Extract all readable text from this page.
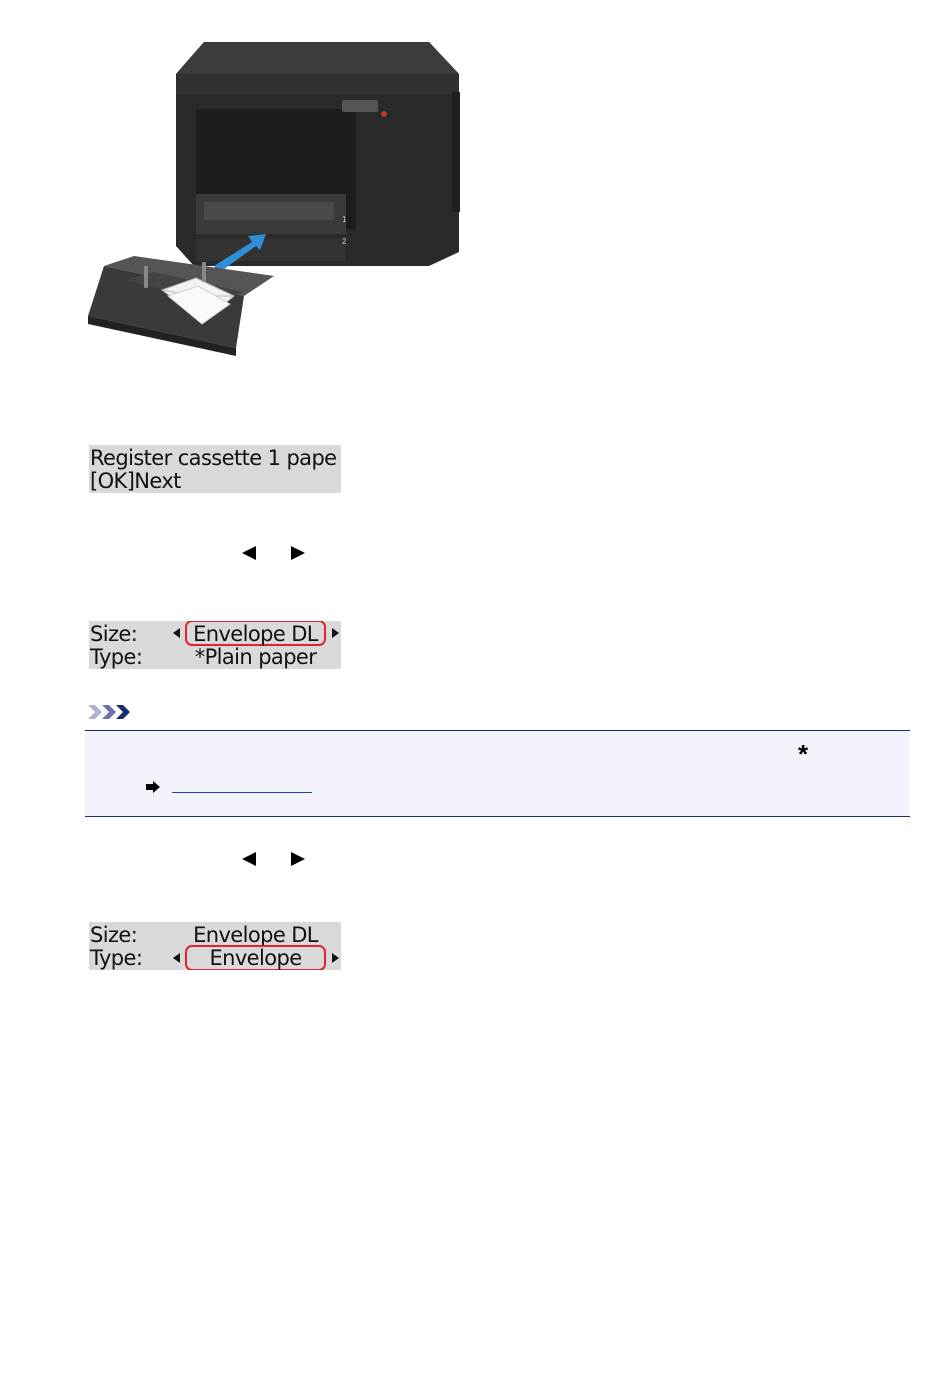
1
2
Register cassette 1 pape
[OK]Next
Size:	Envelope DL
Type:	*Plain paper
*
Size:	Envelope DL
Type:	Envelope
